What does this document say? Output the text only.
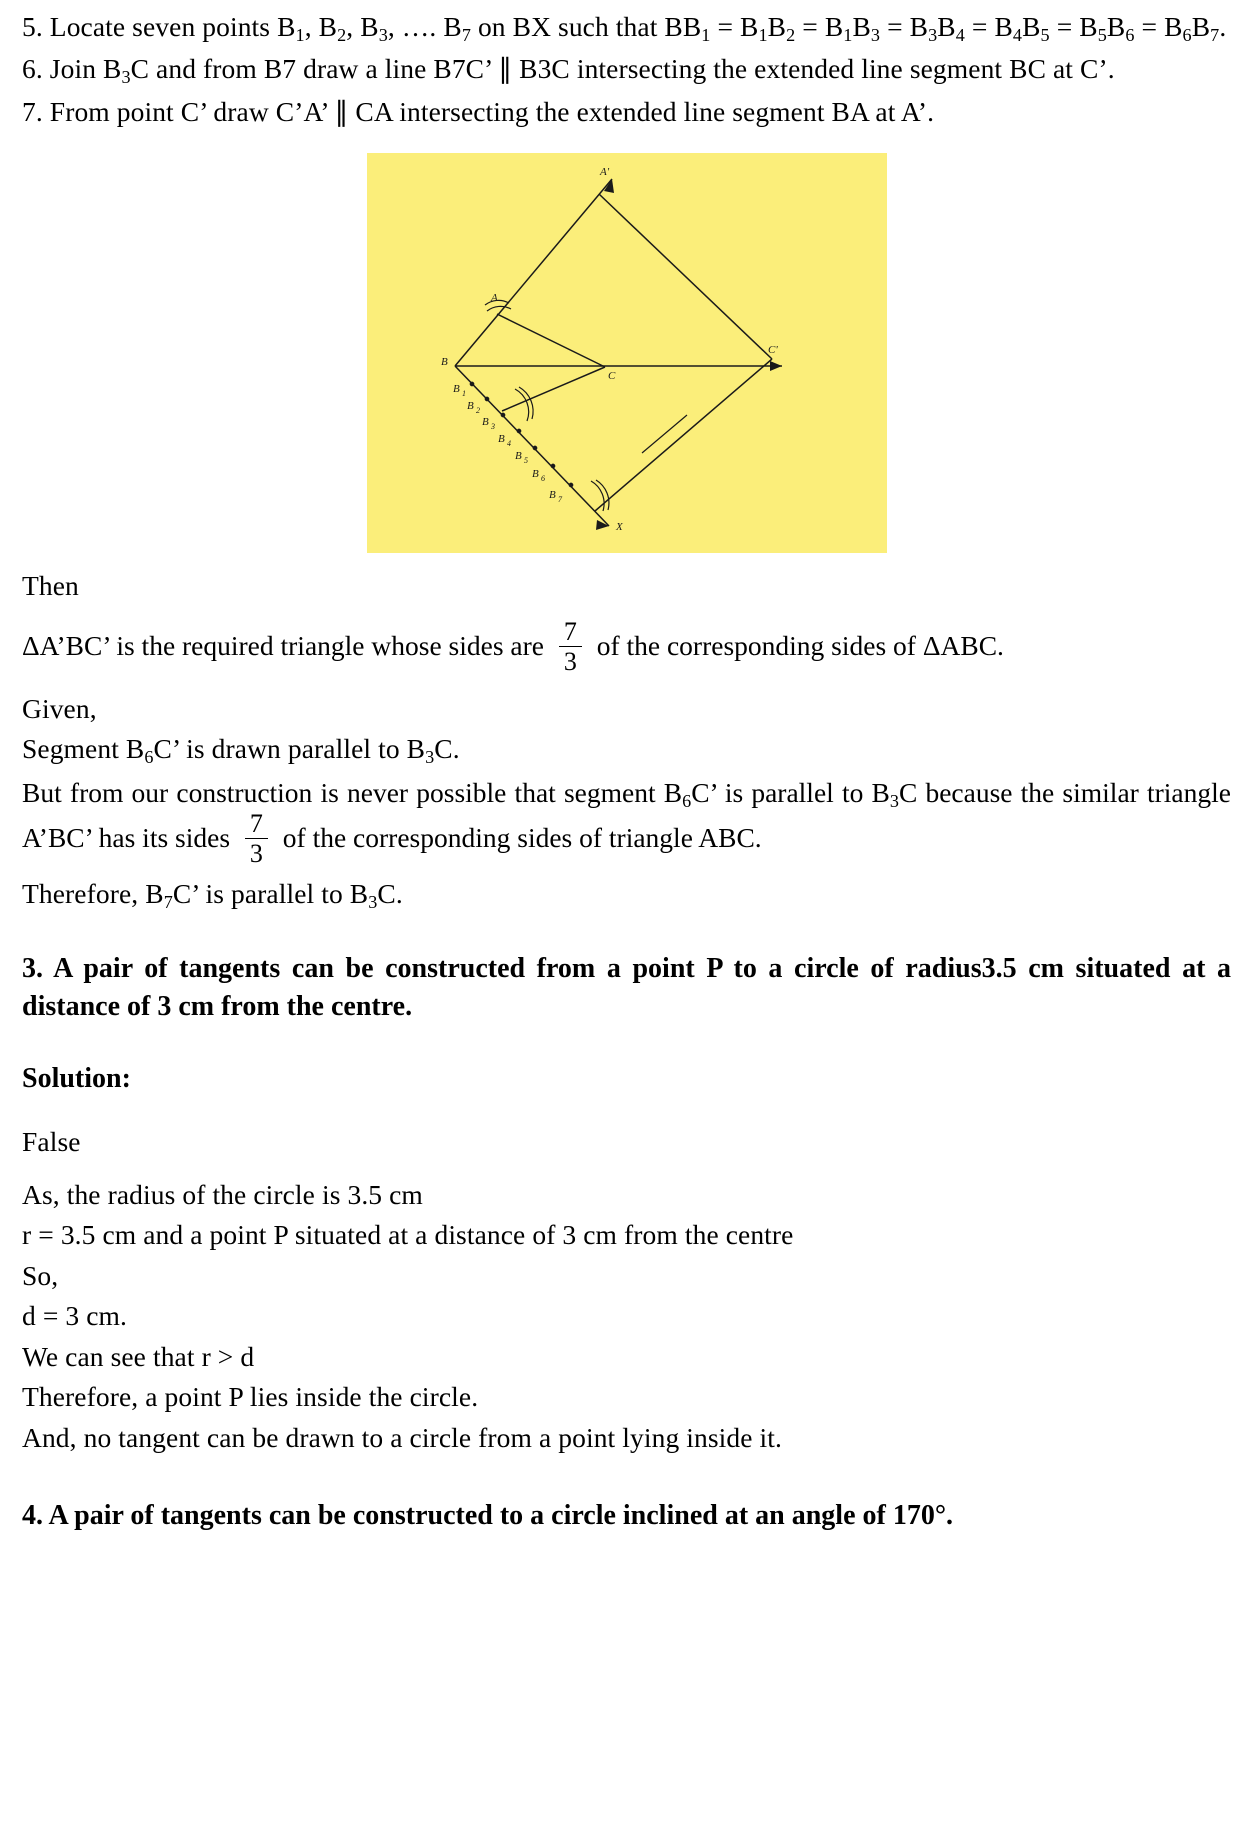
5. Locate seven points $B_1$, $B_2$, $B_3$, …. $B_7$ on BX such that $BB_1 = B_1B_2 = B_1B_3 = B_3B_4 = B_4B_5 = B_5B_6 = B_6B_7$.
6. Join $B_3C$ and from B7 draw a line B7C’ ∥ B3C intersecting the extended line segment BC at C’.
7. From point C’ draw C’A’ ∥ CA intersecting the extended line segment BA at A’.
A'
A
B
C
C'
B 1
B 2
B 3
B 4
B 5
B 6
B 7
X
Then
ΔA’BC’ is the required triangle whose sides are $\frac{7}{3}$ of the corresponding sides of ΔABC.
Given,
Segment $B_6C$’ is drawn parallel to $B_3C$.
But from our construction is never possible that segment $B_6C$’ is parallel to $B_3C$ because the similar triangle A’BC’ has its sides $\frac{7}{3}$ of the corresponding sides of triangle ABC.
Therefore, $B_7C$’ is parallel to $B_3C$.
3. A pair of tangents can be constructed from a point P to a circle of radius3.5 cm situated at a distance of 3 cm from the centre.
Solution:
False
As, the radius of the circle is 3.5 cm
r = 3.5 cm and a point P situated at a distance of 3 cm from the centre
So,
d = 3 cm.
We can see that r > d
Therefore, a point P lies inside the circle.
And, no tangent can be drawn to a circle from a point lying inside it.
4. A pair of tangents can be constructed to a circle inclined at an angle of 170°.
